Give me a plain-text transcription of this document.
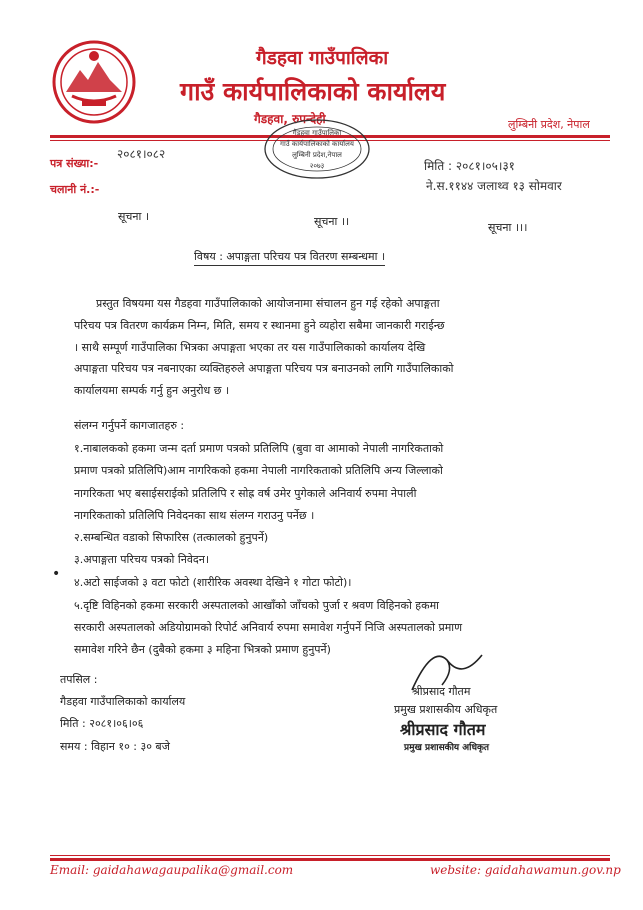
गैडहवा गाउँपालिका
गाउँ कार्यपालिकाको कार्यालय
गैडहवा, रुपन्देही	लुम्बिनी प्रदेश, नेपाल
पत्र संख्या:-
२०८१।०८२
चलानी नं.:-
मिति : २०८१।०५।३१
ने.स.११४४ जलाथ्व १३ सोमवार
गैडहवा गाउँपालिका
गाउँ कार्यपालिकाको कार्यालय
लुम्बिनी प्रदेश,नेपाल
२०७३
सूचना ।	सूचना ।।	सूचना ।।।
विषय : अपाङ्गता परिचय पत्र वितरण सम्बन्धमा ।
प्रस्तुत विषयमा यस गैडहवा गाउँपालिकाको आयोजनामा संचालन हुन गई रहेको अपाङ्गता
परिचय पत्र वितरण कार्यक्रम निम्न, मिति, समय र स्थानमा हुने व्यहोरा सबैमा जानकारी गराईन्छ
। साथै सम्पूर्ण गाउँपालिका भित्रका अपाङ्गता भएका तर यस गाउँपालिकाको कार्यालय देखि
अपाङ्गता परिचय पत्र नबनाएका व्यक्तिहरुले अपाङ्गता परिचय पत्र बनाउनको लागि गाउँपालिकाको
कार्यालयमा सम्पर्क गर्नु हुन अनुरोध छ ।
संलग्न गर्नुपर्ने कागजातहरु :
१.नाबालकको हकमा जन्म दर्ता प्रमाण पत्रको प्रतिलिपि (बुवा वा आमाको नेपाली नागरिकताको
प्रमाण पत्रको प्रतिलिपि)आम नागरिकको हकमा नेपाली नागरिकताको प्रतिलिपि अन्य जिल्लाको
नागरिकता भए बसाईसराईको प्रतिलिपि र सोह्र वर्ष उमेर पुगेकाले अनिवार्य रुपमा नेपाली
नागरिकताको प्रतिलिपि निवेदनका साथ संलग्न गराउनु पर्नेछ ।
२.सम्बन्धित वडाको सिफारिस (तत्कालको हुनुपर्ने)
३.अपाङ्गता परिचय पत्रको निवेदन।
•
४.अटो साईजको ३ वटा फोटो (शारीरिक अवस्था देखिने १ गोटा फोटो)।
५.दृष्टि विहिनको हकमा सरकारी अस्पतालको आखाँको जाँचको पुर्जा र श्रवण विहिनको हकमा
सरकारी अस्पतालको अडियोग्रामको रिपोर्ट अनिवार्य रुपमा समावेश गर्नुपर्ने निजि अस्पतालको प्रमाण
समावेश गरिने छैन (दुबैको हकमा ३ महिना भित्रको प्रमाण हुनुपर्ने)
तपसिल :
गैडहवा गाउँपालिकाको कार्यालय
मिति : २०८१।०६।०६
समय : विहान १० : ३० बजे
श्रीप्रसाद गौतम
प्रमुख प्रशासकीय अधिकृत
श्रीप्रसाद गौतम
प्रमुख प्रशासकीय अधिकृत
Email: gaidahawagaupalika@gmail.com	website: gaidahawamun.gov.np
